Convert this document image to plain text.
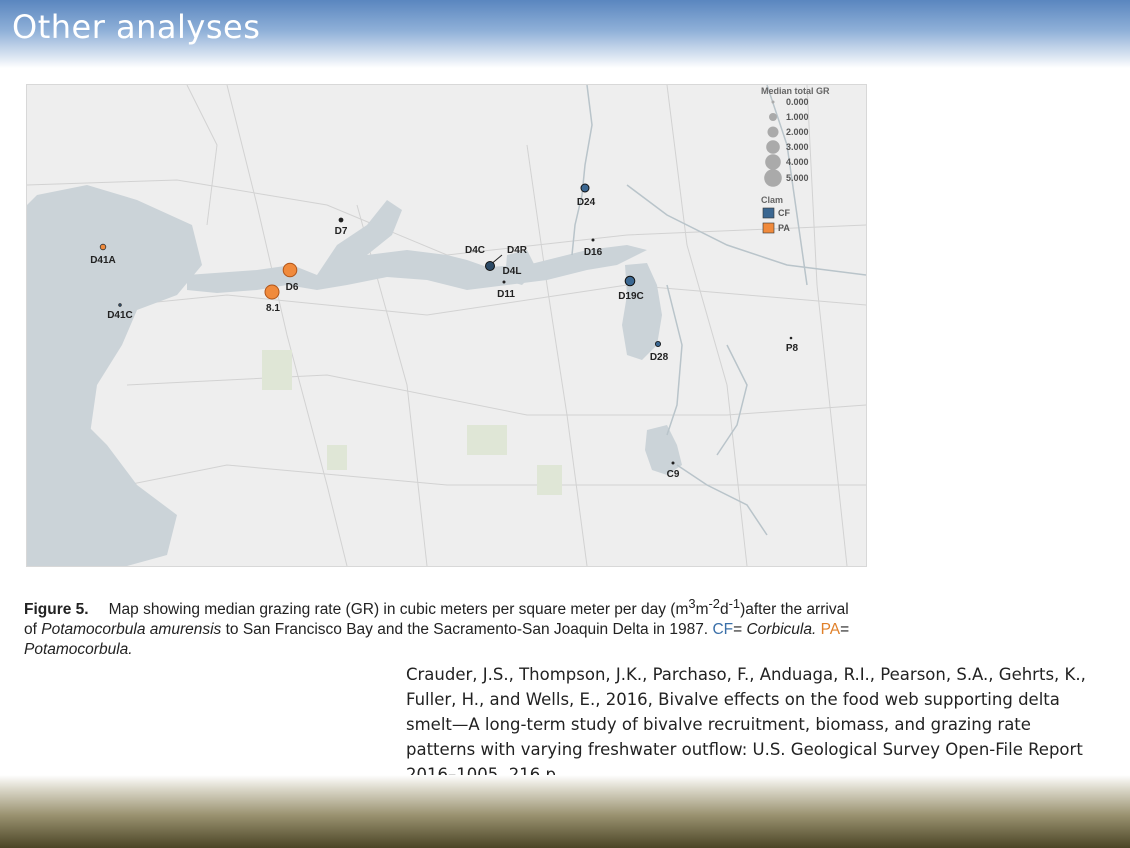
Other analyses
D41A
D41C
D7
D6
8.1
D4C D4R
D4L
D11
D24
D16
D19C
D28
P8
C9
Median total GR
0.000
1.000
2.000
3.000
4.000
5.000
Clam
CF
PA
Figure 5. Map showing median grazing rate (GR) in cubic meters per square meter per day $(m^3m^{-2}d^{-1})after$ the arrival of Potamocorbula amurensis to San Francisco Bay and the Sacramento-San Joaquin Delta in 1987. CF= Corbicula. PA= Potamocorbula.
Crauder, J.S., Thompson, J.K., Parchaso, F., Anduaga, R.I., Pearson, S.A., Gehrts, K., Fuller, H., and Wells, E., 2016, Bivalve effects on the food web supporting delta smelt—A long-term study of bivalve recruitment, biomass, and grazing rate patterns with varying freshwater outflow: U.S. Geological Survey Open-File Report
